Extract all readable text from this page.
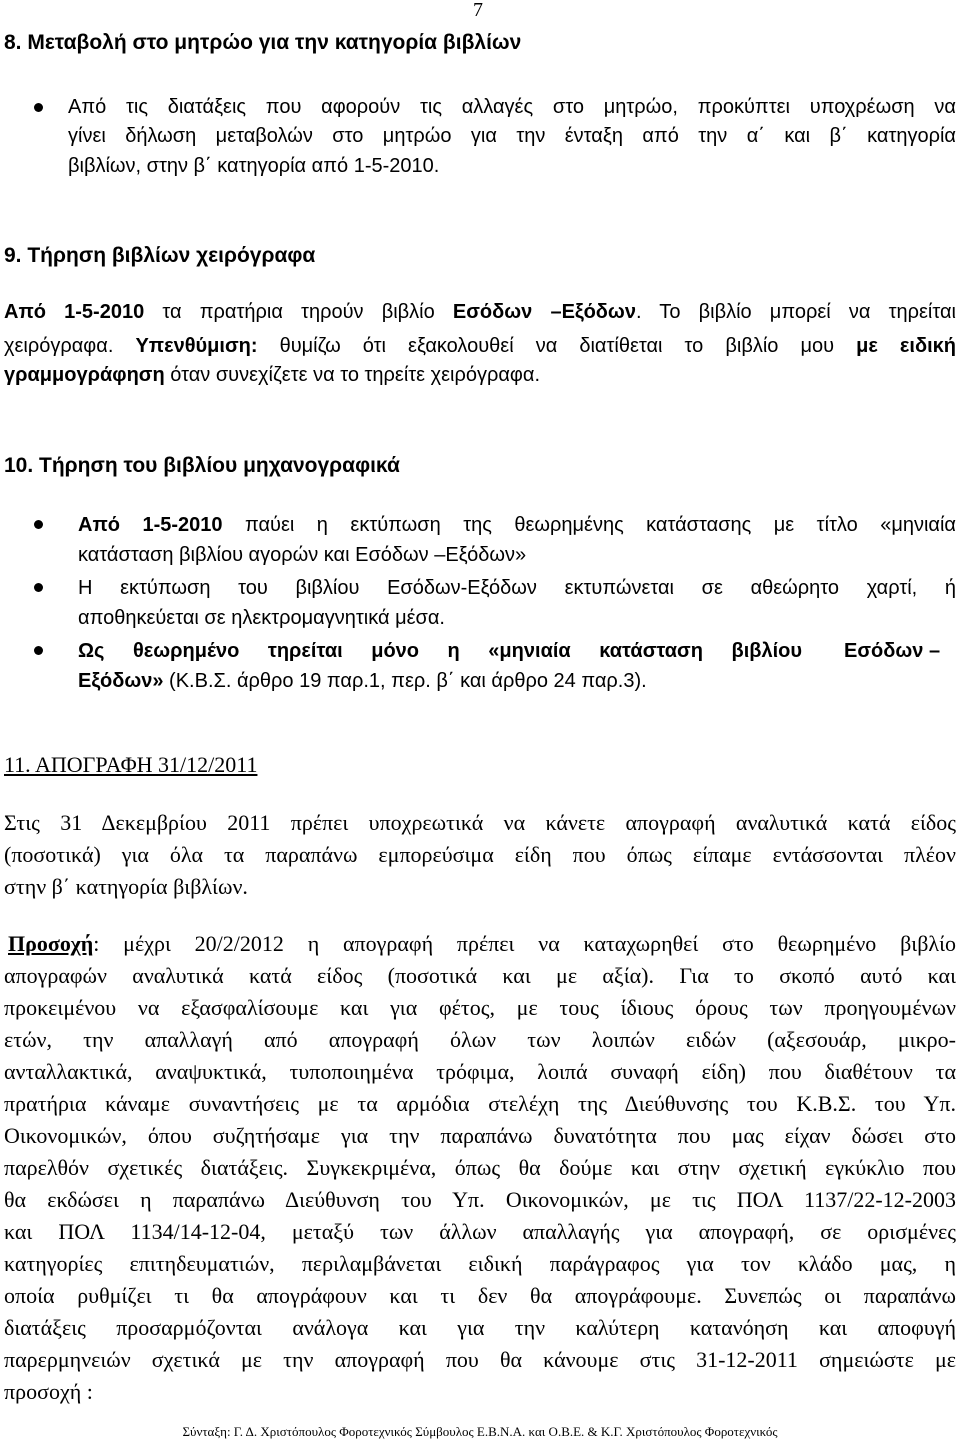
7
8. Μεταβολή στο μητρώο για την κατηγορία βιβλίων
Από τις διατάξεις που αφορούν τις αλλαγές στο μητρώο, προκύπτει υποχρέωση να
γίνει δήλωση μεταβολών στο μητρώο για την ένταξη από την α΄ και β΄ κατηγορία
βιβλίων, στην β΄ κατηγορία από 1-5-2010.
9. Τήρηση βιβλίων χειρόγραφα
Από 1-5-2010 τα πρατήρια τηρούν βιβλίο Εσόδων –Εξόδων. Το βιβλίο μπορεί να τηρείται
χειρόγραφα. Υπενθύμιση: θυμίζω ότι εξακολουθεί να διατίθεται το βιβλίο μου με ειδική
γραμμογράφηση όταν συνεχίζετε να το τηρείτε χειρόγραφα.
10. Τήρηση του βιβλίου μηχανογραφικά
Από 1-5-2010 παύει η εκτύπωση της θεωρημένης κατάστασης με τίτλο «μηνιαία
κατάσταση βιβλίου αγορών και Εσόδων –Εξόδων»
Η εκτύπωση του βιβλίου Εσόδων-Εξόδων εκτυπώνεται σε αθεώρητο χαρτί, ή
αποθηκεύεται σε ηλεκτρομαγνητικά μέσα.
Ως θεωρημένο τηρείται μόνο η «μηνιαία κατάσταση βιβλίου Εσόδων –
Εξόδων» (Κ.Β.Σ. άρθρο 19 παρ.1, περ. β΄ και άρθρο 24 παρ.3).
11. ΑΠΟΓΡΑΦΗ 31/12/2011
Στις 31 Δεκεμβρίου 2011 πρέπει υποχρεωτικά να κάνετε απογραφή αναλυτικά κατά είδος
(ποσοτικά) για όλα τα παραπάνω εμπορεύσιμα είδη που όπως είπαμε εντάσσονται πλέον
στην β΄ κατηγορία βιβλίων.
Προσοχή: μέχρι 20/2/2012 η απογραφή πρέπει να καταχωρηθεί στο θεωρημένο βιβλίο
απογραφών αναλυτικά κατά είδος (ποσοτικά και με αξία). Για το σκοπό αυτό και
προκειμένου να εξασφαλίσουμε και για φέτος, με τους ίδιους όρους των προηγουμένων
ετών, την απαλλαγή από απογραφή όλων των λοιπών ειδών (αξεσουάρ, μικρο-
ανταλλακτικά, αναψυκτικά, τυποποιημένα τρόφιμα, λοιπά συναφή είδη) που διαθέτουν τα
πρατήρια κάναμε συναντήσεις με τα αρμόδια στελέχη της Διεύθυνσης του Κ.Β.Σ. του Υπ.
Οικονομικών, όπου συζητήσαμε για την παραπάνω δυνατότητα που μας είχαν δώσει στο
παρελθόν σχετικές διατάξεις. Συγκεκριμένα, όπως θα δούμε και στην σχετική εγκύκλιο που
θα εκδώσει η παραπάνω Διεύθυνση του Υπ. Οικονομικών, με τις ΠΟΛ 1137/22-12-2003
και ΠΟΛ 1134/14-12-04, μεταξύ των άλλων απαλλαγής για απογραφή, σε ορισμένες
κατηγορίες επιτηδευματιών, περιλαμβάνεται ειδική παράγραφος για τον κλάδο μας, η
οποία ρυθμίζει τι θα απογράφουν και τι δεν θα απογράφουμε. Συνεπώς οι παραπάνω
διατάξεις προσαρμόζονται ανάλογα και για την καλύτερη κατανόηση και αποφυγή
παρερμηνειών σχετικά με την απογραφή που θα κάνουμε στις 31-12-2011 σημειώστε με
προσοχή :
Σύνταξη: Γ. Δ. Χριστόπουλος Φοροτεχνικός Σύμβουλος Ε.Β.Ν.Α. και Ο.Β.Ε. & Κ.Γ. Χριστόπουλος Φοροτεχνικός
